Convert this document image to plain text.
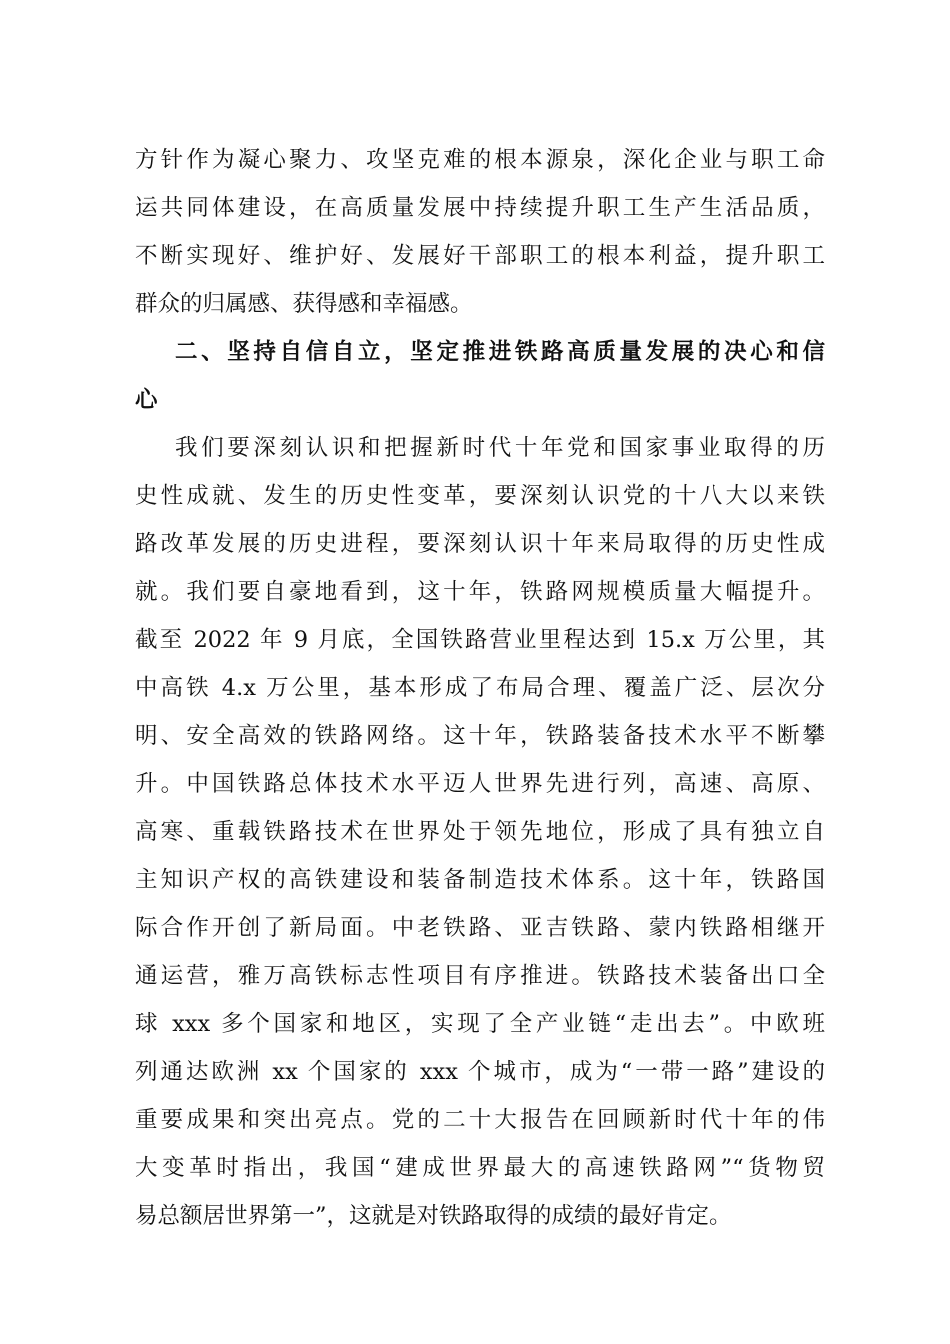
方针作为凝心聚力、攻坚克难的根本源泉，深化企业与职工命
运共同体建设，在高质量发展中持续提升职工生产生活品质，
不断实现好、维护好、发展好干部职工的根本利益，提升职工
群众的归属感、获得感和幸福感。
二、坚持自信自立，坚定推进铁路高质量发展的决心和信
心
我们要深刻认识和把握新时代十年党和国家事业取得的历
史性成就、发生的历史性变革，要深刻认识党的十八大以来铁
路改革发展的历史进程，要深刻认识十年来局取得的历史性成
就。我们要自豪地看到，这十年，铁路网规模质量大幅提升。
截至 2022 年 9 月底，全国铁路营业里程达到 15.x 万公里，其
中高铁 4.x 万公里，基本形成了布局合理、覆盖广泛、层次分
明、安全高效的铁路网络。这十年，铁路装备技术水平不断攀
升。中国铁路总体技术水平迈人世界先进行列，高速、高原、
高寒、重载铁路技术在世界处于领先地位，形成了具有独立自
主知识产权的高铁建设和装备制造技术体系。这十年，铁路国
际合作开创了新局面。中老铁路、亚吉铁路、蒙内铁路相继开
通运营，雅万高铁标志性项目有序推进。铁路技术装备出口全
球 xxx 多个国家和地区，实现了全产业链“走出去”。中欧班
列通达欧洲 xx 个国家的 xxx 个城市，成为“一带一路”建设的
重要成果和突出亮点。党的二十大报告在回顾新时代十年的伟
大变革时指出，我国“建成世界最大的高速铁路网”“货物贸
易总额居世界第一”，这就是对铁路取得的成绩的最好肯定。
